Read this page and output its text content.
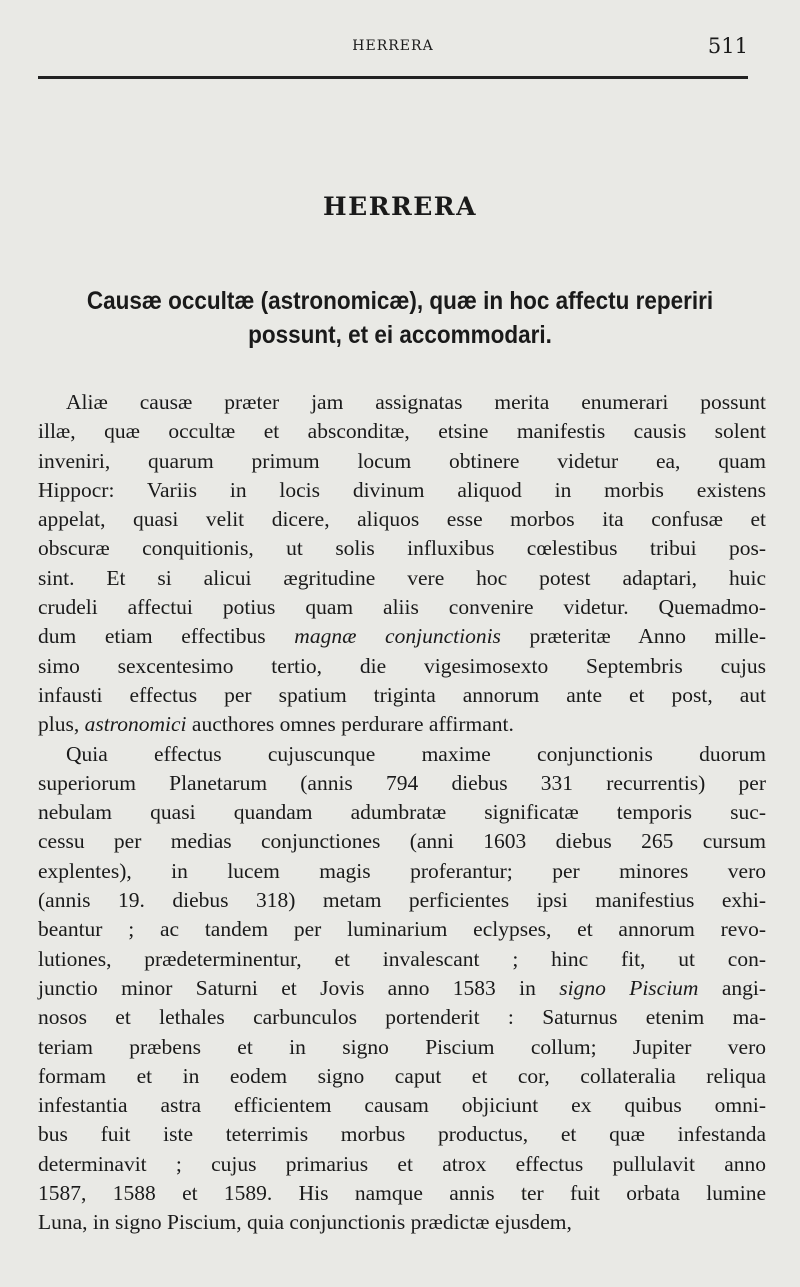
HERRERA	511
HERRERA
Causæ occultæ (astronomicæ), quæ in hoc affectu reperiri
possunt, et ei accommodari.
Aliæ causæ præter jam assignatas merita enumerari possunt
illæ, quæ occultæ et absconditæ, etsine manifestis causis solent
inveniri, quarum primum locum obtinere videtur ea, quam
Hippocr: Variis in locis divinum aliquod in morbis existens
appelat, quasi velit dicere, aliquos esse morbos ita confusæ et
obscuræ conquitionis, ut solis influxibus cœlestibus tribui pos-
sint. Et si alicui ægritudine vere hoc potest adaptari, huic
crudeli affectui potius quam aliis convenire videtur. Quemadmo-
dum etiam effectibus magnæ conjunctionis præteritæ Anno mille-
simo sexcentesimo tertio, die vigesimosexto Septembris cujus
infausti effectus per spatium triginta annorum ante et post, aut
plus, astronomici aucthores omnes perdurare affirmant.
Quia effectus cujuscunque maxime conjunctionis duorum
superiorum Planetarum (annis 794 diebus 331 recurrentis) per
nebulam quasi quandam adumbratæ significatæ temporis suc-
cessu per medias conjunctiones (anni 1603 diebus 265 cursum
explentes), in lucem magis proferantur; per minores vero
(annis 19. diebus 318) metam perficientes ipsi manifestius exhi-
beantur ; ac tandem per luminarium eclypses, et annorum revo-
lutiones, prædeterminentur, et invalescant ; hinc fit, ut con-
junctio minor Saturni et Jovis anno 1583 in signo Piscium angi-
nosos et lethales carbunculos portenderit : Saturnus etenim ma-
teriam præbens et in signo Piscium collum; Jupiter vero
formam et in eodem signo caput et cor, collateralia reliqua
infestantia astra efficientem causam objiciunt ex quibus omni-
bus fuit iste teterrimis morbus productus, et quæ infestanda
determinavit ; cujus primarius et atrox effectus pullulavit anno
1587, 1588 et 1589. His namque annis ter fuit orbata lumine
Luna, in signo Piscium, quia conjunctionis prædictæ ejusdem,
